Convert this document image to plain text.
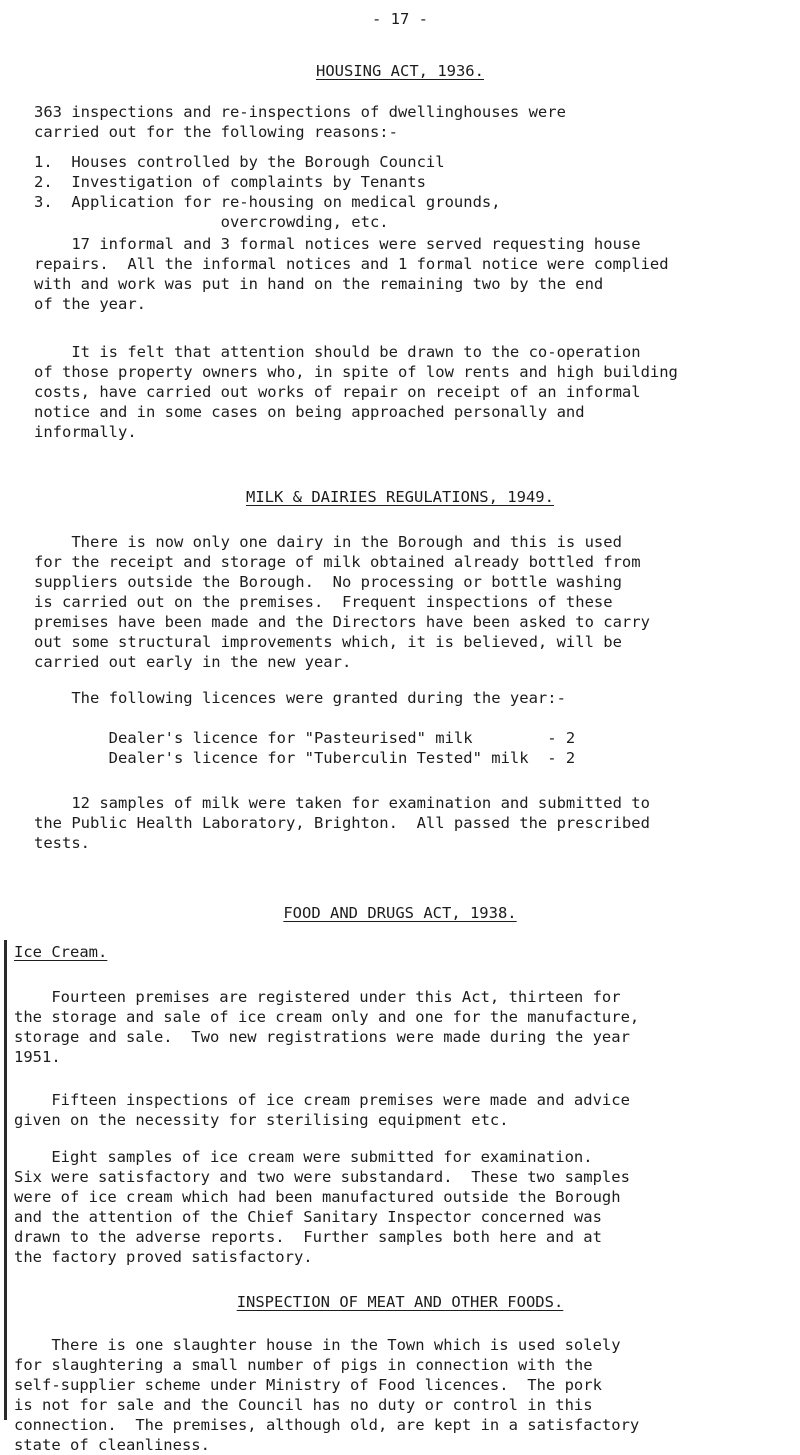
- 17 -
HOUSING ACT, 1936.
363 inspections and re-inspections of dwellinghouses were
carried out for the following reasons:-
1.  Houses controlled by the Borough Council
2.  Investigation of complaints by Tenants
3.  Application for re-housing on medical grounds,
overcrowding, etc.
17 informal and 3 formal notices were served requesting house
repairs.  All the informal notices and 1 formal notice were complied
with and work was put in hand on the remaining two by the end
of the year.
It is felt that attention should be drawn to the co-operation
of those property owners who, in spite of low rents and high building
costs, have carried out works of repair on receipt of an informal
notice and in some cases on being approached personally and
informally.
MILK & DAIRIES REGULATIONS, 1949.
There is now only one dairy in the Borough and this is used
for the receipt and storage of milk obtained already bottled from
suppliers outside the Borough.  No processing or bottle washing
is carried out on the premises.  Frequent inspections of these
premises have been made and the Directors have been asked to carry
out some structural improvements which, it is believed, will be
carried out early in the new year.
The following licences were granted during the year:-
Dealer's licence for "Pasteurised" milk        - 2
Dealer's licence for "Tuberculin Tested" milk  - 2
12 samples of milk were taken for examination and submitted to
the Public Health Laboratory, Brighton.  All passed the prescribed
tests.
FOOD AND DRUGS ACT, 1938.
Ice Cream.
Fourteen premises are registered under this Act, thirteen for
the storage and sale of ice cream only and one for the manufacture,
storage and sale.  Two new registrations were made during the year
1951.
Fifteen inspections of ice cream premises were made and advice
given on the necessity for sterilising equipment etc.
Eight samples of ice cream were submitted for examination.
Six were satisfactory and two were substandard.  These two samples
were of ice cream which had been manufactured outside the Borough
and the attention of the Chief Sanitary Inspector concerned was
drawn to the adverse reports.  Further samples both here and at
the factory proved satisfactory.
INSPECTION OF MEAT AND OTHER FOODS.
There is one slaughter house in the Town which is used solely
for slaughtering a small number of pigs in connection with the
self-supplier scheme under Ministry of Food licences.  The pork
is not for sale and the Council has no duty or control in this
connection.  The premises, although old, are kept in a satisfactory
state of cleanliness.
